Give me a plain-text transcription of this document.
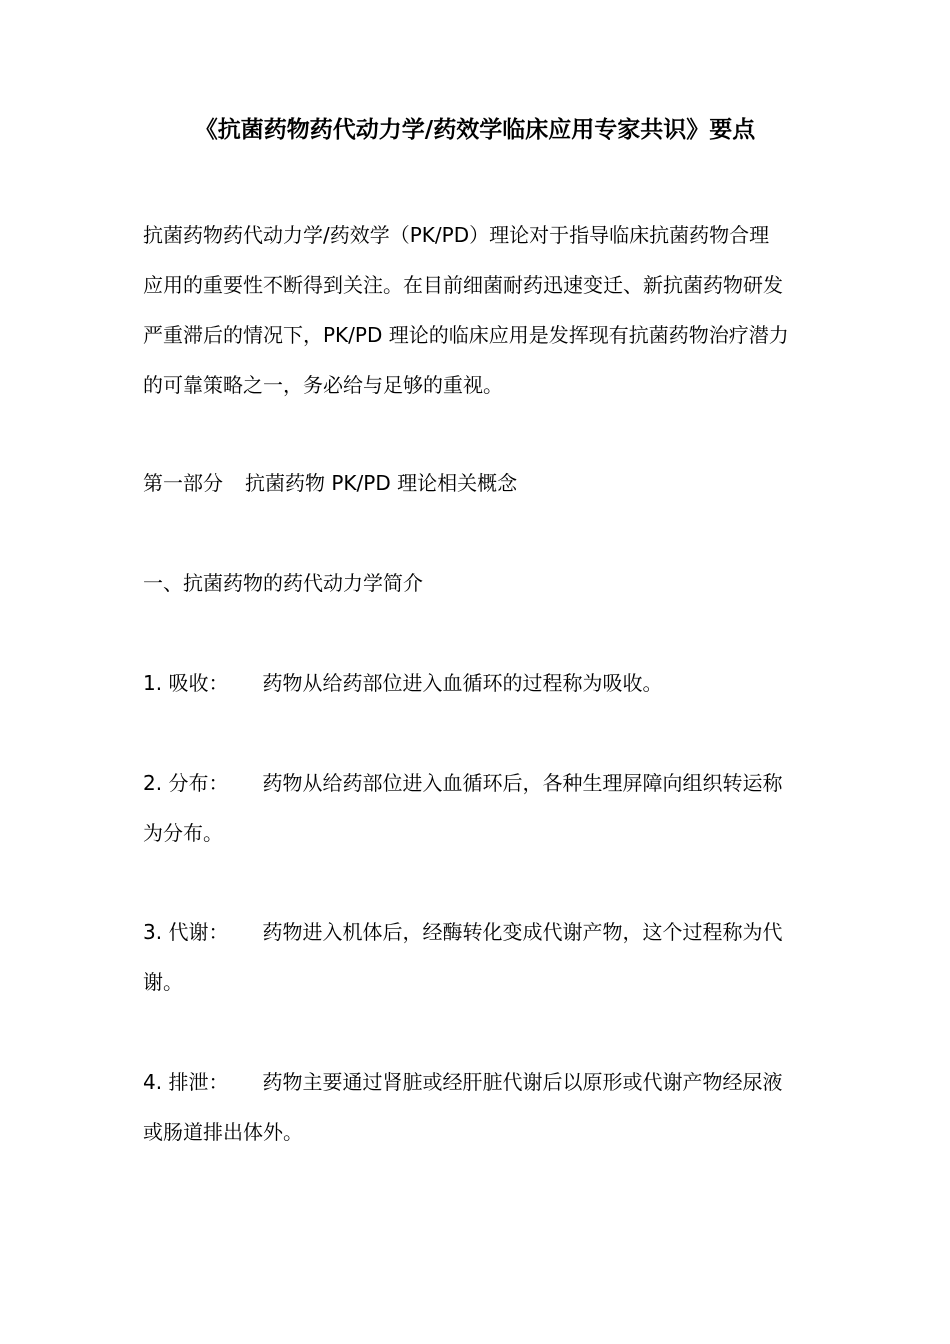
《抗菌药物药代动力学/药效学临床应用专家共识》要点
抗菌药物药代动力学/药效学（PK/PD）理论对于指导临床抗菌药物合理
应用的重要性不断得到关注。在目前细菌耐药迅速变迁、新抗菌药物研发
严重滞后的情况下，PK/PD 理论的临床应用是发挥现有抗菌药物治疗潜力
的可靠策略之一，务必给与足够的重视。
第一部分 抗菌药物 PK/PD 理论相关概念
一、抗菌药物的药代动力学简介
1. 吸收： 药物从给药部位进入血循环的过程称为吸收。
2. 分布： 药物从给药部位进入血循环后，各种生理屏障向组织转运称
为分布。
3. 代谢： 药物进入机体后，经酶转化变成代谢产物，这个过程称为代
谢。
4. 排泄： 药物主要通过肾脏或经肝脏代谢后以原形或代谢产物经尿液
或肠道排出体外。
